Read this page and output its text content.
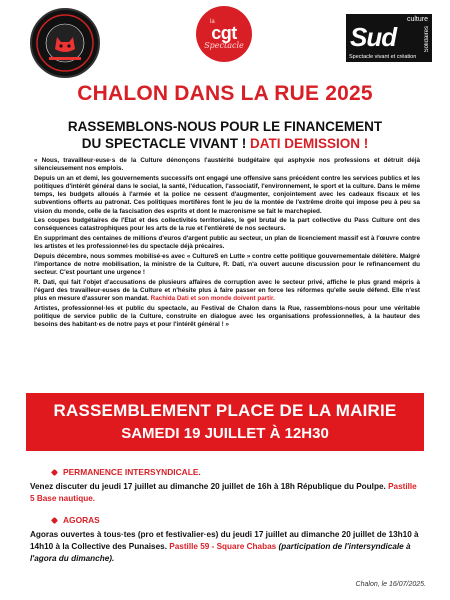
la
cgt
Spectacle
culture
Sud	Solidaires
Spectacle vivant et création
CHALON DANS LA RUE 2025
RASSEMBLONS-NOUS POUR LE FINANCEMENT
DU SPECTACLE VIVANT ! DATI DEMISSION !

« Nous, travailleur·euse·s de la Culture dénonçons l'austérité budgétaire qui asphyxie nos professions et détruit déjà silencieusement nos emplois.

Depuis un an et demi, les gouvernements successifs ont engagé une offensive sans précédent contre les services publics et les politiques d'intérêt général dans le social, la santé, l'éducation, l'associatif, l'environnement, le sport et la culture. Dans le même temps, les budgets alloués à l'armée et la police ne cessent d'augmenter, conjointement avec les cadeaux fiscaux et les subventions offerts au patronat. Ces politiques mortifères font le jeu de la montée de l'extrême droite qui impose peu à peu sa vision du monde, celle de la fascisation des esprits et dont le macronisme se fait le marchepied.

Les coupes budgétaires de l'Etat et des collectivités territoriales, le gel brutal de la part collective du Pass Culture ont des conséquences catastrophiques pour les arts de la rue et l'entièreté de nos secteurs.

En supprimant des centaines de millions d'euros d'argent public au secteur, un plan de licenciement massif est à l'œuvre contre les artistes et les professionnel·les du spectacle déjà précaires.

Depuis décembre, nous sommes mobilisé·es avec « CultureS en Lutte » contre cette politique gouvernementale délétère. Malgré l'importance de notre mobilisation, la ministre de la Culture, R. Dati, n'a ouvert aucune discussion pour le refinancement du secteur. C'est pourtant une urgence !

R. Dati, qui fait l'objet d'accusations de plusieurs affaires de corruption avec le secteur privé, affiche le plus grand mépris à l'égard des travailleur·euses de la Culture et n'hésite plus à faire passer en force les réformes qu'elle seule défend. Elle n'est plus en mesure d'assurer son mandat. Rachida Dati et son monde doivent partir.

Artistes, professionnel·les et public du spectacle, au Festival de Chalon dans la Rue, rassemblons-nous pour une véritable politique de service public de la Culture, construite en dialogue avec les organisations professionnelles, à la hauteur des besoins des habitant·es de notre pays et pour l'intérêt général ! »

RASSEMBLEMENT PLACE DE LA MAIRIE
SAMEDI 19 JUILLET À 12H30
PERMANENCE INTERSYNDICALE.
Venez discuter du jeudi 17 juillet au dimanche 20 juillet de 16h à 18h République du Poulpe. Pastille 5 Base nautique.
AGORAS
Agoras ouvertes à tous·tes (pro et festivalier·es) du jeudi 17 juillet au dimanche 20 juillet de 13h10 à 14h10 à la Collective des Punaises. Pastille 59 - Square Chabas (participation de l'intersyndicale à l'agora du dimanche).
Chalon, le 16/07/2025.
